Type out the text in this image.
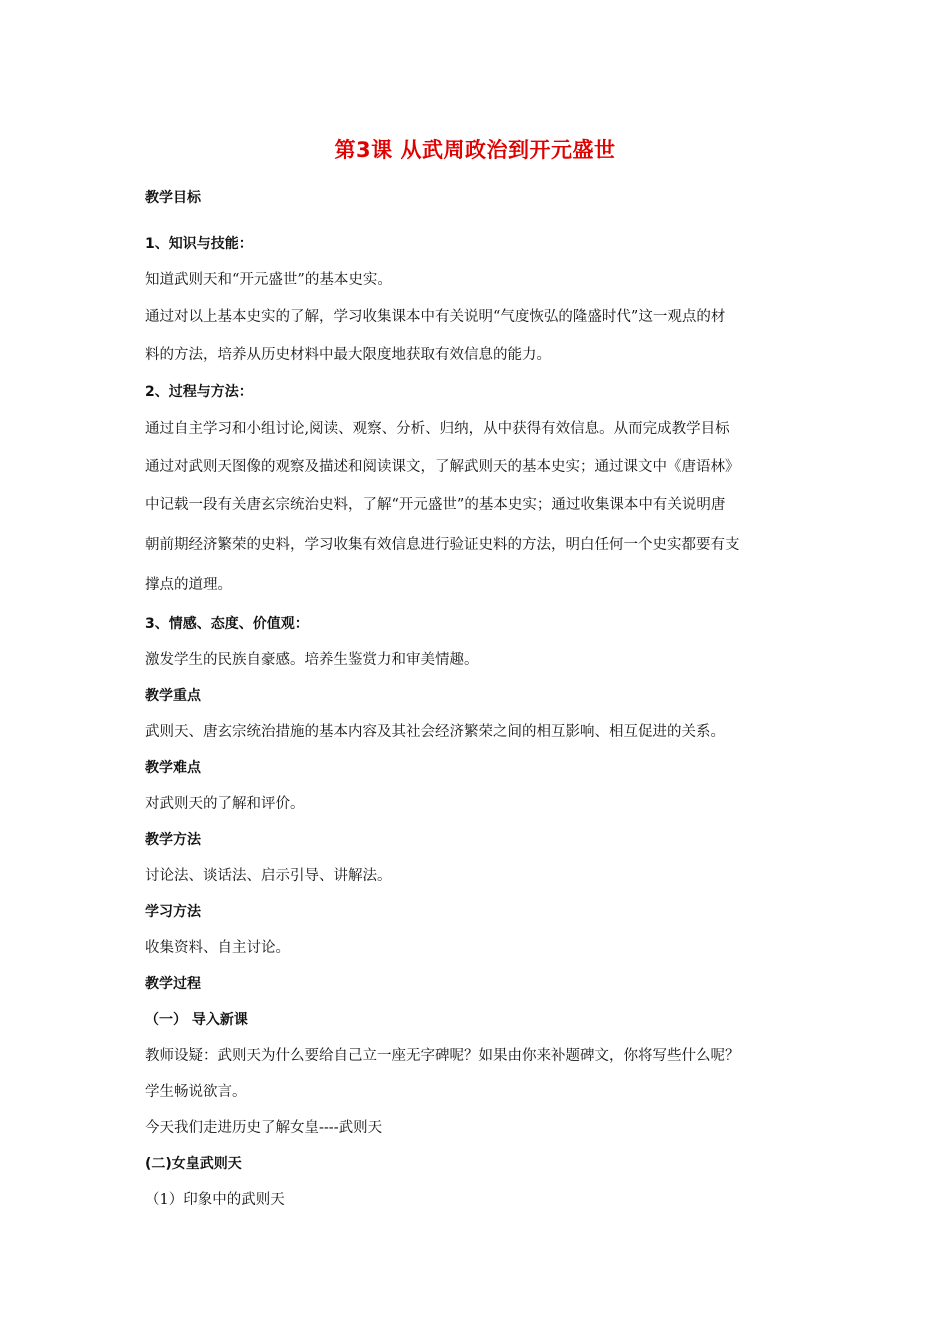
第3课 从武周政治到开元盛世
教学目标
1、知识与技能：
知道武则天和“开元盛世”的基本史实。
通过对以上基本史实的了解，学习收集课本中有关说明“气度恢弘的隆盛时代”这一观点的材
料的方法，培养从历史材料中最大限度地获取有效信息的能力。
2、过程与方法：
通过自主学习和小组讨论,阅读、观察、分析、归纳，从中获得有效信息。从而完成教学目标
通过对武则天图像的观察及描述和阅读课文，了解武则天的基本史实；通过课文中《唐语林》
中记载一段有关唐玄宗统治史料，了解“开元盛世”的基本史实；通过收集课本中有关说明唐
朝前期经济繁荣的史料，学习收集有效信息进行验证史料的方法，明白任何一个史实都要有支
撑点的道理。
3、情感、态度、价值观：
激发学生的民族自豪感。培养生鉴赏力和审美情趣。
教学重点
武则天、唐玄宗统治措施的基本内容及其社会经济繁荣之间的相互影响、相互促进的关系。
教学难点
对武则天的了解和评价。
教学方法
讨论法、谈话法、启示引导、讲解法。
学习方法
收集资料、自主讨论。
教学过程
（一） 导入新课
教师设疑：武则天为什么要给自己立一座无字碑呢？如果由你来补题碑文，你将写些什么呢？
学生畅说欲言。
今天我们走进历史了解女皇----武则天
(二)女皇武则天
（1）印象中的武则天
